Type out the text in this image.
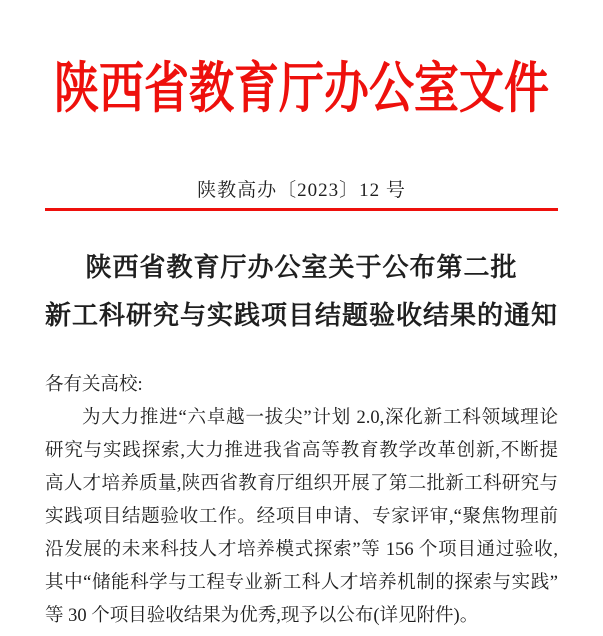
陕西省教育厅办公室文件
陕教高办〔2023〕12 号
陕西省教育厅办公室关于公布第二批
新工科研究与实践项目结题验收结果的通知
各有关高校:
为大力推进“六卓越一拔尖”计划 2.0,深化新工科领域理论
研究与实践探索,大力推进我省高等教育教学改革创新,不断提
高人才培养质量,陕西省教育厅组织开展了第二批新工科研究与
实践项目结题验收工作。经项目申请、专家评审,“聚焦物理前
沿发展的未来科技人才培养模式探索”等 156 个项目通过验收,
其中“储能科学与工程专业新工科人才培养机制的探索与实践”
等 30 个项目验收结果为优秀,现予以公布(详见附件)。
